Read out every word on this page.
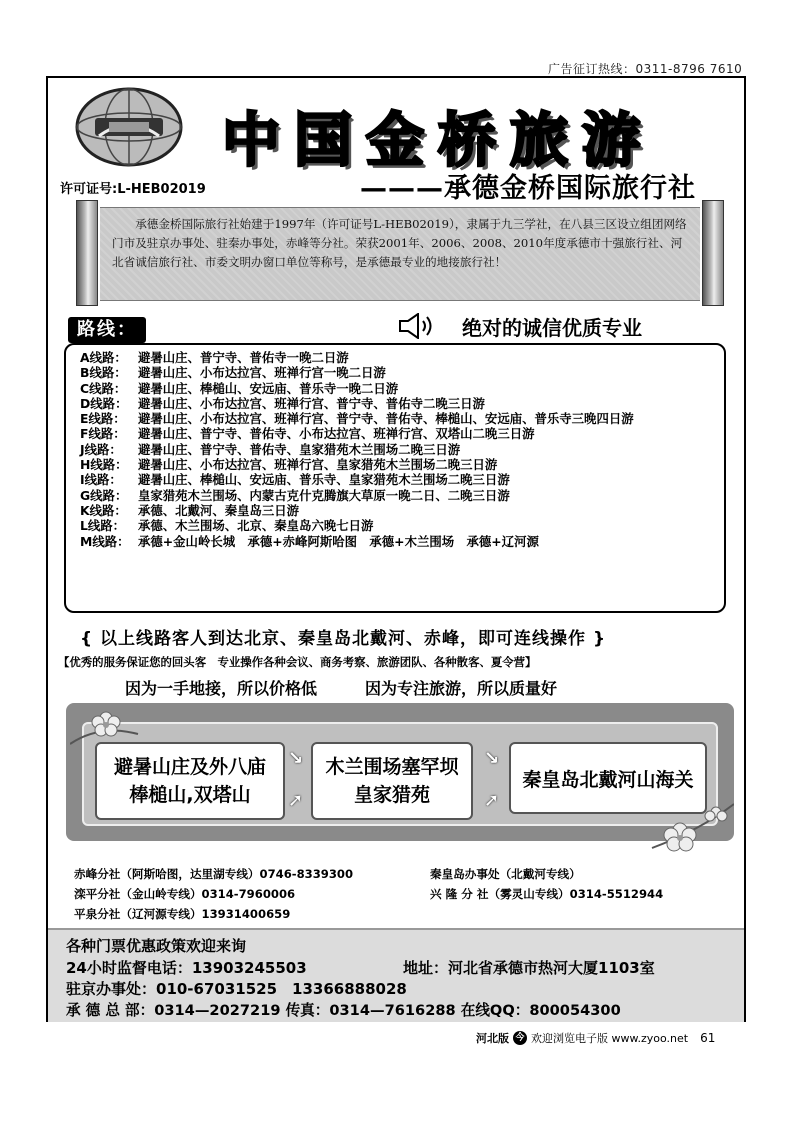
广告征订热线：0311-8796 7610
中国金桥旅游
许可证号:L-HEB02019	———承德金桥国际旅行社
承德金桥国际旅行社始建于1997年（许可证号L-HEB02019），隶属于九三学社，在八县三区设立组团网络门市及驻京办事处、驻秦办事处，赤峰等分社。荣获2001年、2006、2008、2010年度承德市十强旅行社、河北省诚信旅行社、市委文明办窗口单位等称号，是承德最专业的地接旅行社！
路线：	绝对的诚信优质专业
A线路： 避暑山庄、普宁寺、普佑寺一晚二日游
B线路： 避暑山庄、小布达拉宫、班禅行宫一晚二日游
C线路： 避暑山庄、棒槌山、安远庙、普乐寺一晚二日游
D线路： 避暑山庄、小布达拉宫、班禅行宫、普宁寺、普佑寺二晚三日游
E线路： 避暑山庄、小布达拉宫、班禅行宫、普宁寺、普佑寺、棒槌山、安远庙、普乐寺三晚四日游
F线路： 避暑山庄、普宁寺、普佑寺、小布达拉宫、班禅行宫、双塔山二晚三日游
J线路：	避暑山庄、普宁寺、普佑寺、皇家猎苑木兰围场二晚三日游
H线路： 避暑山庄、小布达拉宫、班禅行宫、皇家猎苑木兰围场二晚三日游
I线路：	避暑山庄、棒槌山、安远庙、普乐寺、皇家猎苑木兰围场二晚三日游
G线路： 皇家猎苑木兰围场、内蒙古克什克腾旗大草原一晚二日、二晚三日游
K线路： 承德、北戴河、秦皇岛三日游
L线路：	承德、木兰围场、北京、秦皇岛六晚七日游
M线路： 承德+金山岭长城　承德+赤峰阿斯哈图　承德+木兰围场　承德+辽河源
{ 以上线路客人到达北京、秦皇岛北戴河、赤峰，即可连线操作 }
【优秀的服务保证您的回头客　专业操作各种会议、商务考察、旅游团队、各种散客、夏令营】
因为一手地接，所以价格低　　　因为专注旅游，所以质量好
避暑山庄及外八庙
棒槌山,双塔山
↘
➚
木兰围场塞罕坝
皇家猎苑
↘
➚
秦皇岛北戴河山海关
赤峰分社（阿斯哈图，达里湖专线）0746-8339300	秦皇岛办事处（北戴河专线）
滦平分社（金山岭专线）0314-7960006	兴 隆 分 社（雾灵山专线）0314-5512944
平泉分社（辽河源专线）13931400659
各种门票优惠政策欢迎来询
24小时监督电话：13903245503	地址：河北省承德市热河大厦1103室
驻京办事处：010-67031525　13366888028
承 德 总 部：0314—2027219 传真：0314—7616288 在线QQ：800054300
河北版 今 欢迎浏览电子版 www.zyoo.net 61
